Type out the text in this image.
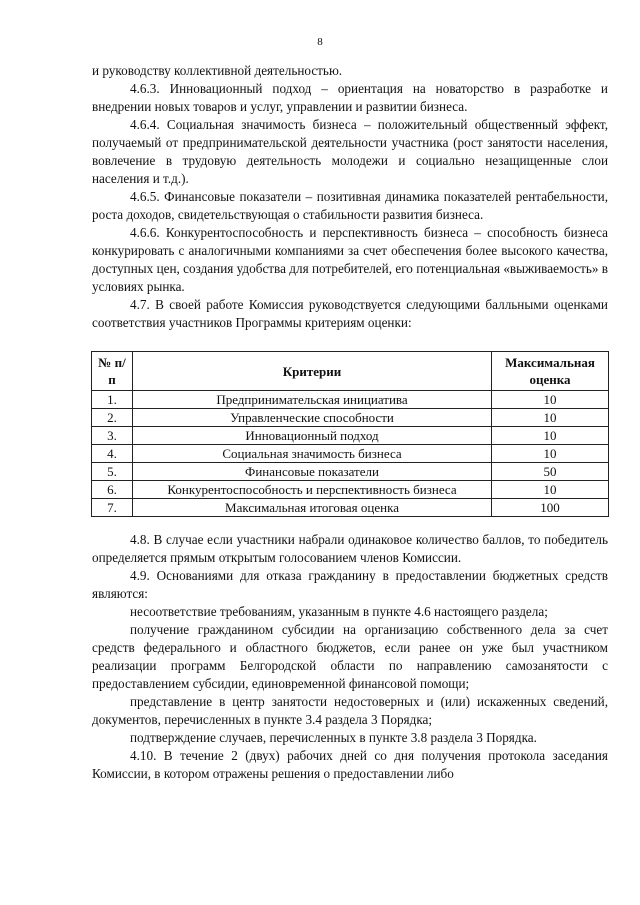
8

и руководству коллективной деятельностью.

4.6.3. Инновационный подход – ориентация на новаторство в разработке и внедрении новых товаров и услуг, управлении и развитии бизнеса.

4.6.4. Социальная значимость бизнеса – положительный общественный эффект, получаемый от предпринимательской деятельности участника (рост занятости населения, вовлечение в трудовую деятельность молодежи и социально незащищенные слои населения и т.д.).

4.6.5. Финансовые показатели – позитивная динамика показателей рентабельности, роста доходов, свидетельствующая о стабильности развития бизнеса.

4.6.6. Конкурентоспособность и перспективность бизнеса – способность бизнеса конкурировать с аналогичными компаниями за счет обеспечения более высокого качества, доступных цен, создания удобства для потребителей, его потенциальная «выживаемость» в условиях рынка.

4.7. В своей работе Комиссия руководствуется следующими балльными оценками соответствия участников Программы критериям оценки:

№ п/п	Критерии	Максимальная оценка
1.	Предпринимательская инициатива	10
2.	Управленческие способности	10
3.	Инновационный подход	10
4.	Социальная значимость бизнеса	10
5.	Финансовые показатели	50
6.	Конкурентоспособность и перспективность бизнеса	10
7.	Максимальная итоговая оценка	100

4.8. В случае если участники набрали одинаковое количество баллов, то победитель определяется прямым открытым голосованием членов Комиссии.

4.9. Основаниями для отказа гражданину в предоставлении бюджетных средств являются:

несоответствие требованиям, указанным в пункте 4.6 настоящего раздела;

получение гражданином субсидии на организацию собственного дела за счет средств федерального и областного бюджетов, если ранее он уже был участником реализации программ Белгородской области по направлению самозанятости с предоставлением субсидии, единовременной финансовой помощи;

представление в центр занятости недостоверных и (или) искаженных сведений, документов, перечисленных в пункте 3.4 раздела 3 Порядка;

подтверждение случаев, перечисленных в пункте 3.8 раздела 3 Порядка.

4.10. В течение 2 (двух) рабочих дней со дня получения протокола заседания Комиссии, в котором отражены решения о предоставлении либо
